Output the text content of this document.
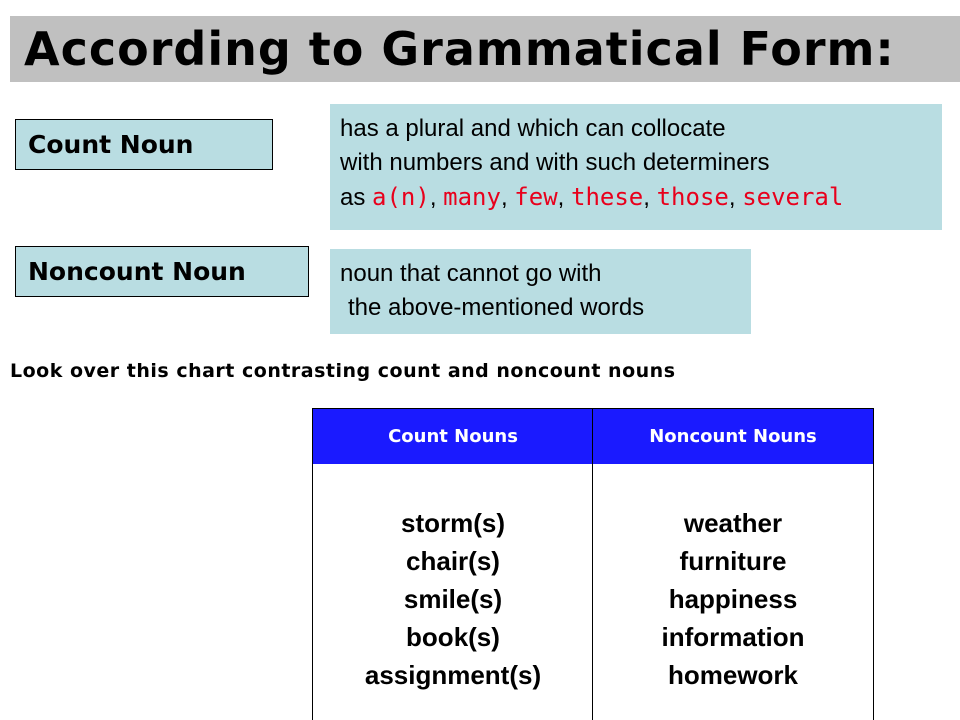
According to Grammatical Form:
Count Noun
has a plural and which can collocate
with numbers and with such determiners
as a(n), many, few, these, those, several
Noncount Noun	noun that cannot go with
the above-mentioned words
Look over this chart contrasting count and noncount nouns
Count Nouns	Noncount Nouns
storm(s)
chair(s)
smile(s)
book(s)
assignment(s)
weather
furniture
happiness
information
homework
